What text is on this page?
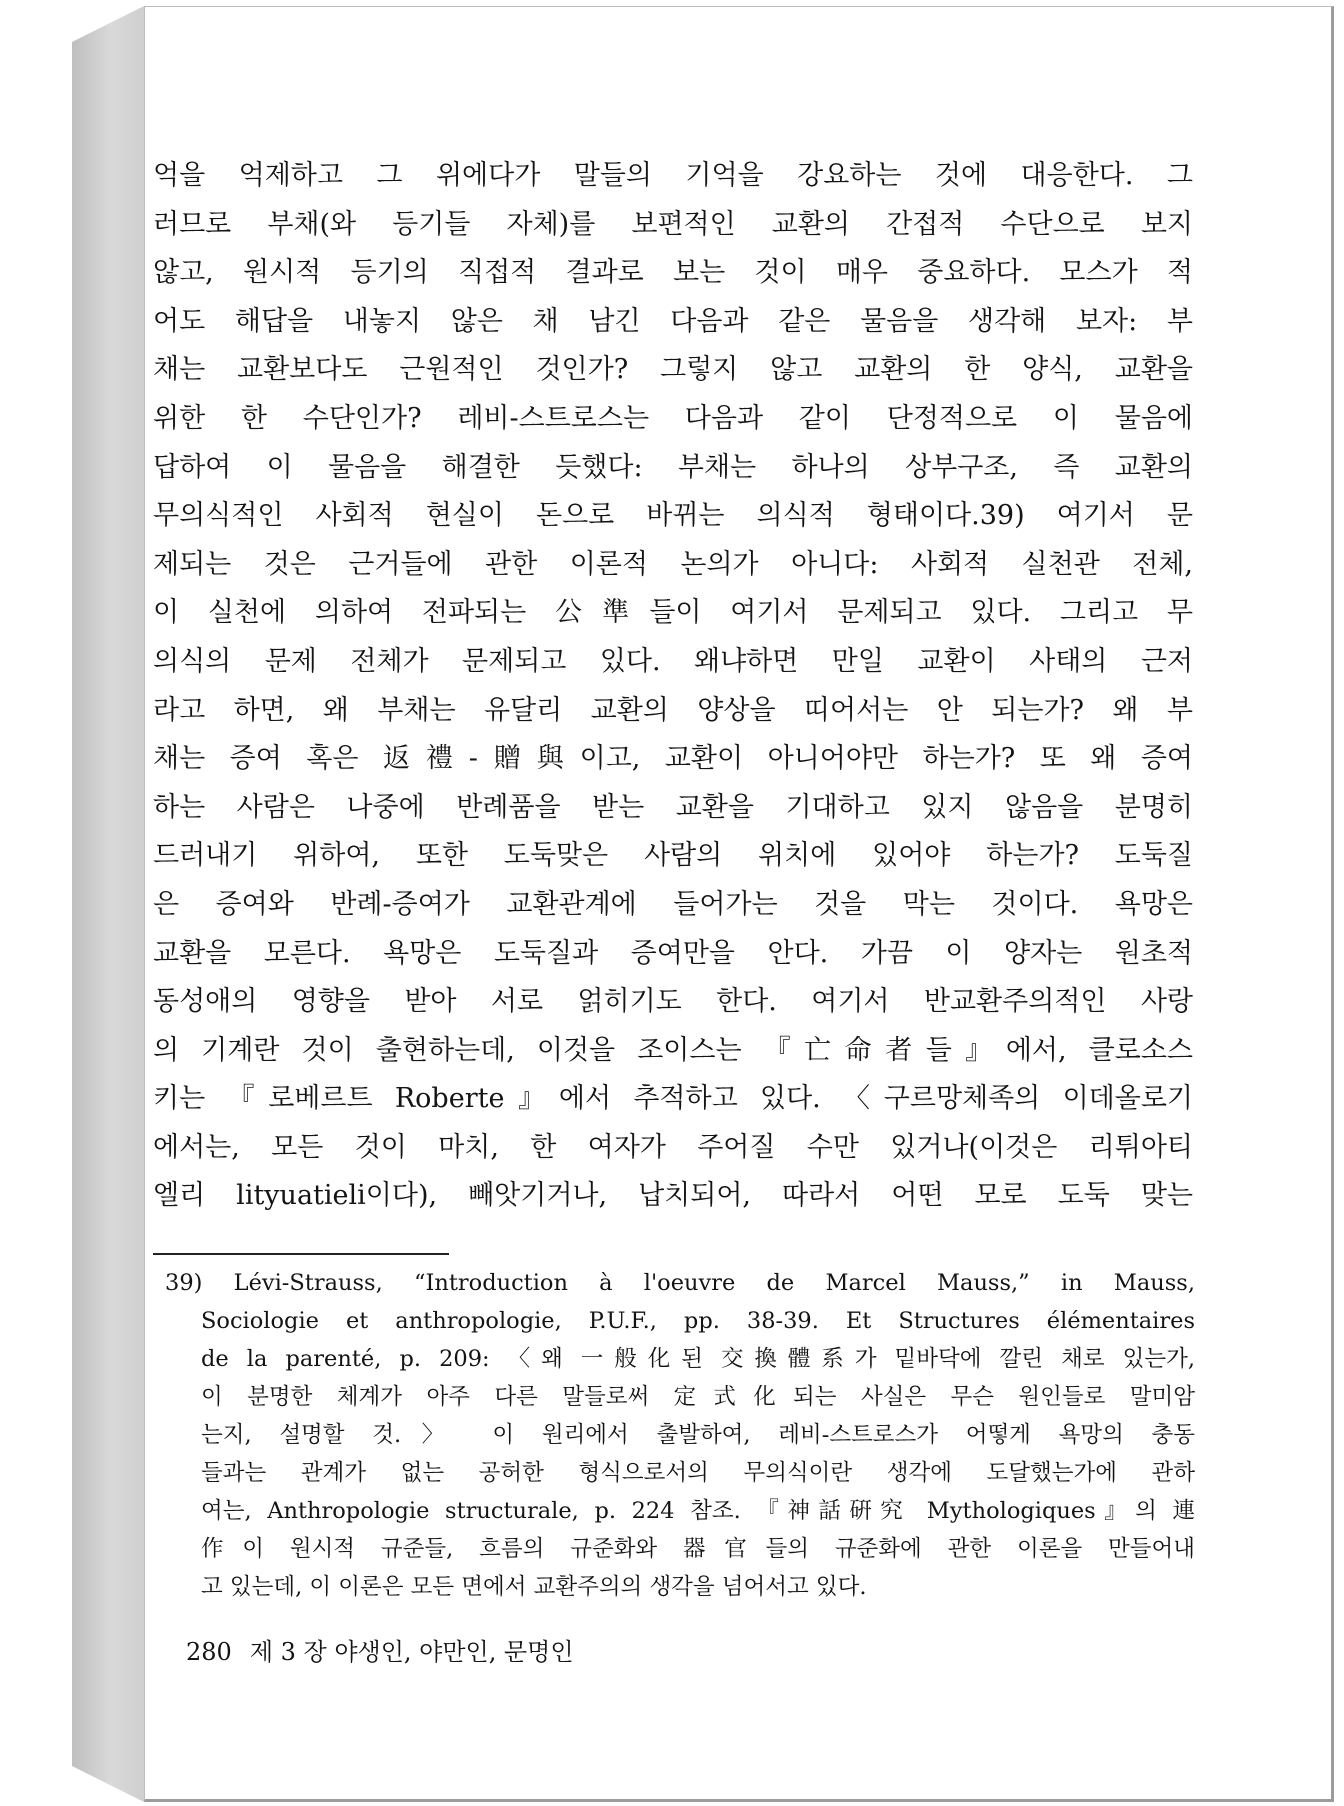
억을 억제하고 그 위에다가 말들의 기억을 강요하는 것에 대응한다. 그
러므로 부채(와 등기들 자체)를 보편적인 교환의 간접적 수단으로 보지
않고, 원시적 등기의 직접적 결과로 보는 것이 매우 중요하다. 모스가 적
어도 해답을 내놓지 않은 채 남긴 다음과 같은 물음을 생각해 보자: 부
채는 교환보다도 근원적인 것인가? 그렇지 않고 교환의 한 양식, 교환을
위한 한 수단인가? 레비-스트로스는 다음과 같이 단정적으로 이 물음에
답하여 이 물음을 해결한 듯했다: 부채는 하나의 상부구조, 즉 교환의
무의식적인 사회적 현실이 돈으로 바뀌는 의식적 형태이다.39) 여기서 문
제되는 것은 근거들에 관한 이론적 논의가 아니다: 사회적 실천관 전체,
이 실천에 의하여 전파되는 公準들이 여기서 문제되고 있다. 그리고 무
의식의 문제 전체가 문제되고 있다. 왜냐하면 만일 교환이 사태의 근저
라고 하면, 왜 부채는 유달리 교환의 양상을 띠어서는 안 되는가? 왜 부
채는 증여 혹은 返禮-贈與이고, 교환이 아니어야만 하는가? 또 왜 증여
하는 사람은 나중에 반례품을 받는 교환을 기대하고 있지 않음을 분명히
드러내기 위하여, 또한 도둑맞은 사람의 위치에 있어야 하는가? 도둑질
은 증여와 반례-증여가 교환관계에 들어가는 것을 막는 것이다. 욕망은
교환을 모른다. 욕망은 도둑질과 증여만을 안다. 가끔 이 양자는 원초적
동성애의 영향을 받아 서로 얽히기도 한다. 여기서 반교환주의적인 사랑
의 기계란 것이 출현하는데, 이것을 조이스는 『亡命者들』에서, 클로소스
키는 『로베르트 Roberte』에서 추적하고 있다. 〈구르망체족의 이데올로기
에서는, 모든 것이 마치, 한 여자가 주어질 수만 있거나(이것은 리튀아티
엘리 lityuatieli이다), 빼앗기거나, 납치되어, 따라서 어떤 모로 도둑 맞는
39) Lévi-Strauss, “Introduction à l'oeuvre de Marcel Mauss,” in Mauss,
Sociologie et anthropologie, P.U.F., pp. 38-39. Et Structures élémentaires
de la parenté, p. 209: 〈왜 一般化된 交換體系가 밑바닥에 깔린 채로 있는가,
이 분명한 체계가 아주 다른 말들로써 定式化되는 사실은 무슨 원인들로 말미암
는지, 설명할 것.〉 이 원리에서 출발하여, 레비-스트로스가 어떻게 욕망의 충동
들과는 관계가 없는 공허한 형식으로서의 무의식이란 생각에 도달했는가에 관하
여는, Anthropologie structurale, p. 224 참조. 『神話硏究 Mythologiques』의 連
作이 원시적 규준들, 흐름의 규준화와 器官들의 규준화에 관한 이론을 만들어내
고 있는데, 이 이론은 모든 면에서 교환주의의 생각을 넘어서고 있다.
280 제 3 장 야생인, 야만인, 문명인
